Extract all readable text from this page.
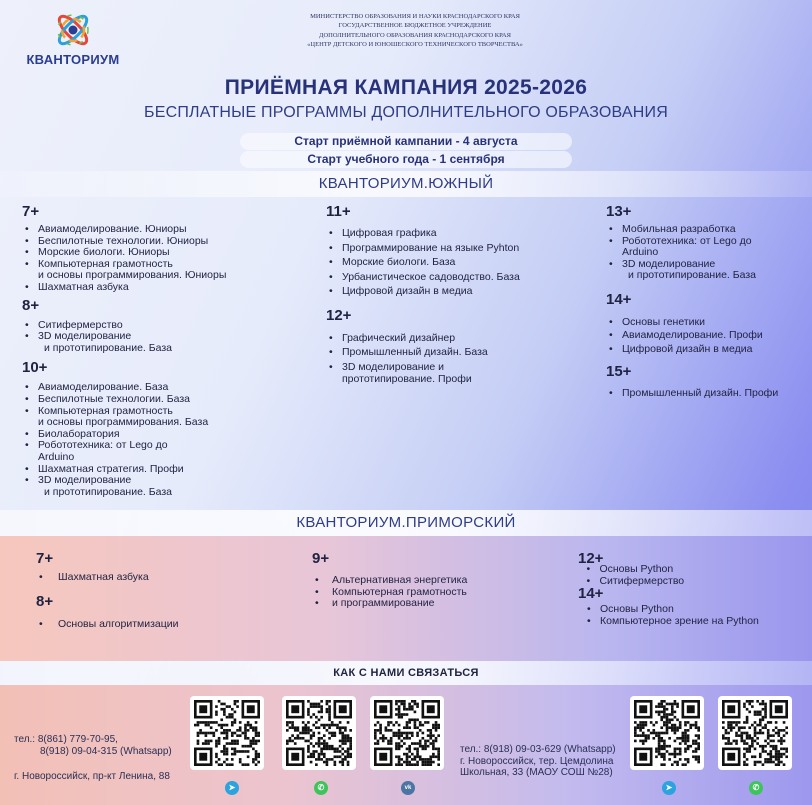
КВАНТОРИУМ
МИНИСТЕРСТВО ОБРАЗОВАНИЯ И НАУКИ КРАСНОДАРСКОГО КРАЯ
ГОСУДАРСТВЕННОЕ БЮДЖЕТНОЕ УЧРЕЖДЕНИЕ
ДОПОЛНИТЕЛЬНОГО ОБРАЗОВАНИЯ КРАСНОДАРСКОГО КРАЯ
«ЦЕНТР ДЕТСКОГО И ЮНОШЕСКОГО ТЕХНИЧЕСКОГО ТВОРЧЕСТВА»
ПРИЁМНАЯ КАМПАНИЯ 2025-2026
БЕСПЛАТНЫЕ ПРОГРАММЫ ДОПОЛНИТЕЛЬНОГО ОБРАЗОВАНИЯ
Старт приёмной кампании - 4 августа
Старт учебного года - 1 сентября
КВАНТОРИУМ.ЮЖНЫЙ
7+
• Авиамоделирование. Юниоры
• Беспилотные технологии. Юниоры
• Морские биологи. Юниоры
• Компьютерная грамотность
и основы программирования. Юниоры
• Шахматная азбука
8+
• Ситифермерство
• 3D моделирование
и прототипирование. База
10+
• Авиамоделирование. База
• Беспилотные технологии. База
• Компьютерная грамотность
и основы программирования. База
• Биолаборатория
• Робототехника: от Lego до
Arduino
• Шахматная стратегия. Профи
• 3D моделирование
и прототипирование. База
11+
• Цифровая графика
• Программирование на языке Pyhton
• Морские биологи. База
• Урбанистическое садоводство. База
• Цифровой дизайн в медиа
12+
• Графический дизайнер
• Промышленный дизайн. База
• 3D моделирование и
прототипирование. Профи
13+
• Мобильная разработка
• Робототехника: от Lego до
Arduino
• 3D моделирование
и прототипирование. База
14+
• Основы генетики
• Авиамоделирование. Профи
• Цифровой дизайн в медиа
15+
• Промышленный дизайн. Профи
КВАНТОРИУМ.ПРИМОРСКИЙ
7+
• Шахматная азбука
8+
• Основы алгоритмизации
9+
• Альтернативная энергетика
• Компьютерная грамотность
• и программирование
12+
• Основы Python
• Ситифермерство
14+
• Основы Python
• Компьютерное зрение на Python
КАК С НАМИ СВЯЗАТЬСЯ
тел.: 8(861) 779-70-95,
8(918) 09-04-315 (Whatsapp)
г. Новороссийск, пр-кт Ленина, 88
тел.: 8(918) 09-03-629 (Whatsapp)
г. Новороссийск, тер. Цемдолина
Школьная, 33 (МАОУ СОШ №28)
➤	✆	vk	➤	✆
